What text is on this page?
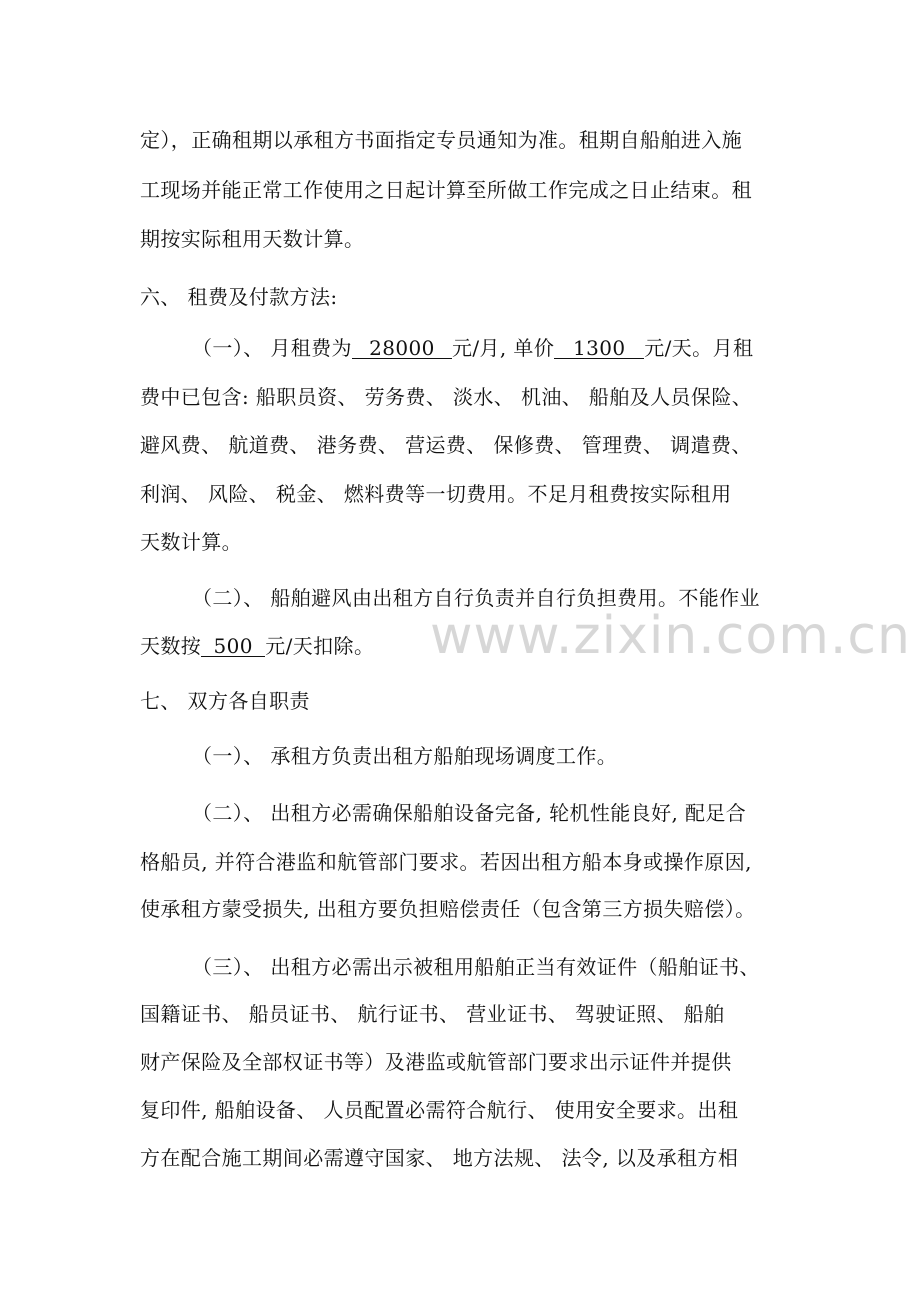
www.zixin.com.cn
定），正确租期以承租方书面指定专员通知为准。租期自船舶进入施
工现场并能正常工作使用之日起计算至所做工作完成之日止结束。租
期按实际租用天数计算。
六、 租费及付款方法:
（一）、 月租费为 28000 元/月, 单价 1300 元/天。月租
费中已包含: 船职员资、 劳务费、 淡水、 机油、 船舶及人员保险、
避风费、 航道费、 港务费、 营运费、 保修费、 管理费、 调遣费、
利润、 风险、 税金、 燃料费等一切费用。不足月租费按实际租用
天数计算。
（二）、 船舶避风由出租方自行负责并自行负担费用。不能作业
天数按 500 元/天扣除。
七、 双方各自职责
（一）、 承租方负责出租方船舶现场调度工作。
（二）、 出租方必需确保船舶设备完备, 轮机性能良好, 配足合
格船员, 并符合港监和航管部门要求。若因出租方船本身或操作原因,
使承租方蒙受损失, 出租方要负担赔偿责任（包含第三方损失赔偿）。
（三）、 出租方必需出示被租用船舶正当有效证件（船舶证书、
国籍证书、 船员证书、 航行证书、 营业证书、 驾驶证照、 船舶
财产保险及全部权证书等）及港监或航管部门要求出示证件并提供
复印件, 船舶设备、 人员配置必需符合航行、 使用安全要求。出租
方在配合施工期间必需遵守国家、 地方法规、 法令, 以及承租方相
